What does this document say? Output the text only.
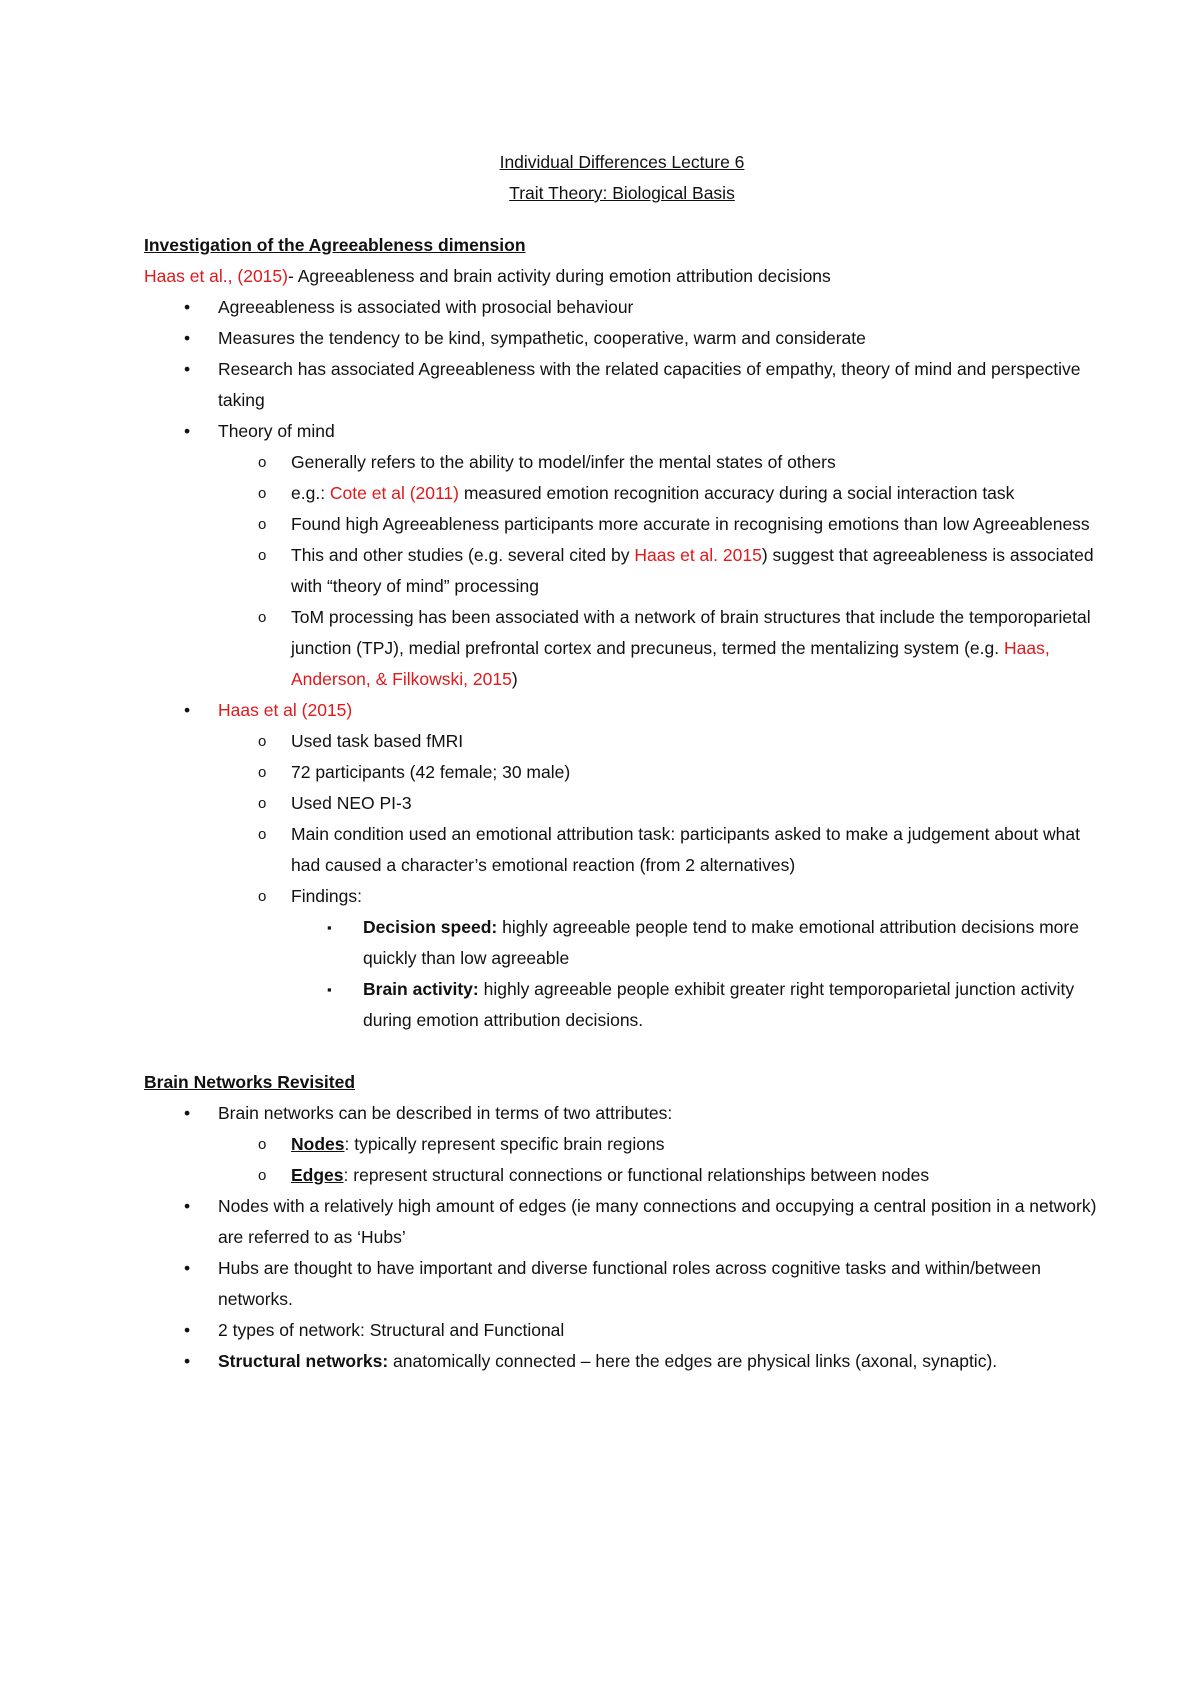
Individual Differences Lecture 6
Trait Theory: Biological Basis
Investigation of the Agreeableness dimension
Haas et al., (2015)- Agreeableness and brain activity during emotion attribution decisions
• Agreeableness is associated with prosocial behaviour
• Measures the tendency to be kind, sympathetic, cooperative, warm and considerate
• Research has associated Agreeableness with the related capacities of empathy, theory of mind and perspective taking
• Theory of mind
o Generally refers to the ability to model/infer the mental states of others
o e.g.: Cote et al (2011) measured emotion recognition accuracy during a social interaction task
o Found high Agreeableness participants more accurate in recognising emotions than low Agreeableness
o This and other studies (e.g. several cited by Haas et al. 2015) suggest that agreeableness is associated with “theory of mind” processing
o ToM processing has been associated with a network of brain structures that include the temporoparietal junction (TPJ), medial prefrontal cortex and precuneus, termed the mentalizing system (e.g. Haas, Anderson, & Filkowski, 2015)
• Haas et al (2015)
o Used task based fMRI
o 72 participants (42 female; 30 male)
o Used NEO PI-3
o Main condition used an emotional attribution task: participants asked to make a judgement about what had caused a character’s emotional reaction (from 2 alternatives)
o Findings:
▪ Decision speed: highly agreeable people tend to make emotional attribution decisions more quickly than low agreeable
▪ Brain activity: highly agreeable people exhibit greater right temporoparietal junction activity during emotion attribution decisions.
Brain Networks Revisited
• Brain networks can be described in terms of two attributes:
o Nodes: typically represent specific brain regions
o Edges: represent structural connections or functional relationships between nodes
• Nodes with a relatively high amount of edges (ie many connections and occupying a central position in a network) are referred to as ‘Hubs’
• Hubs are thought to have important and diverse functional roles across cognitive tasks and within/between networks.
• 2 types of network: Structural and Functional
• Structural networks: anatomically connected – here the edges are physical links (axonal, synaptic).
